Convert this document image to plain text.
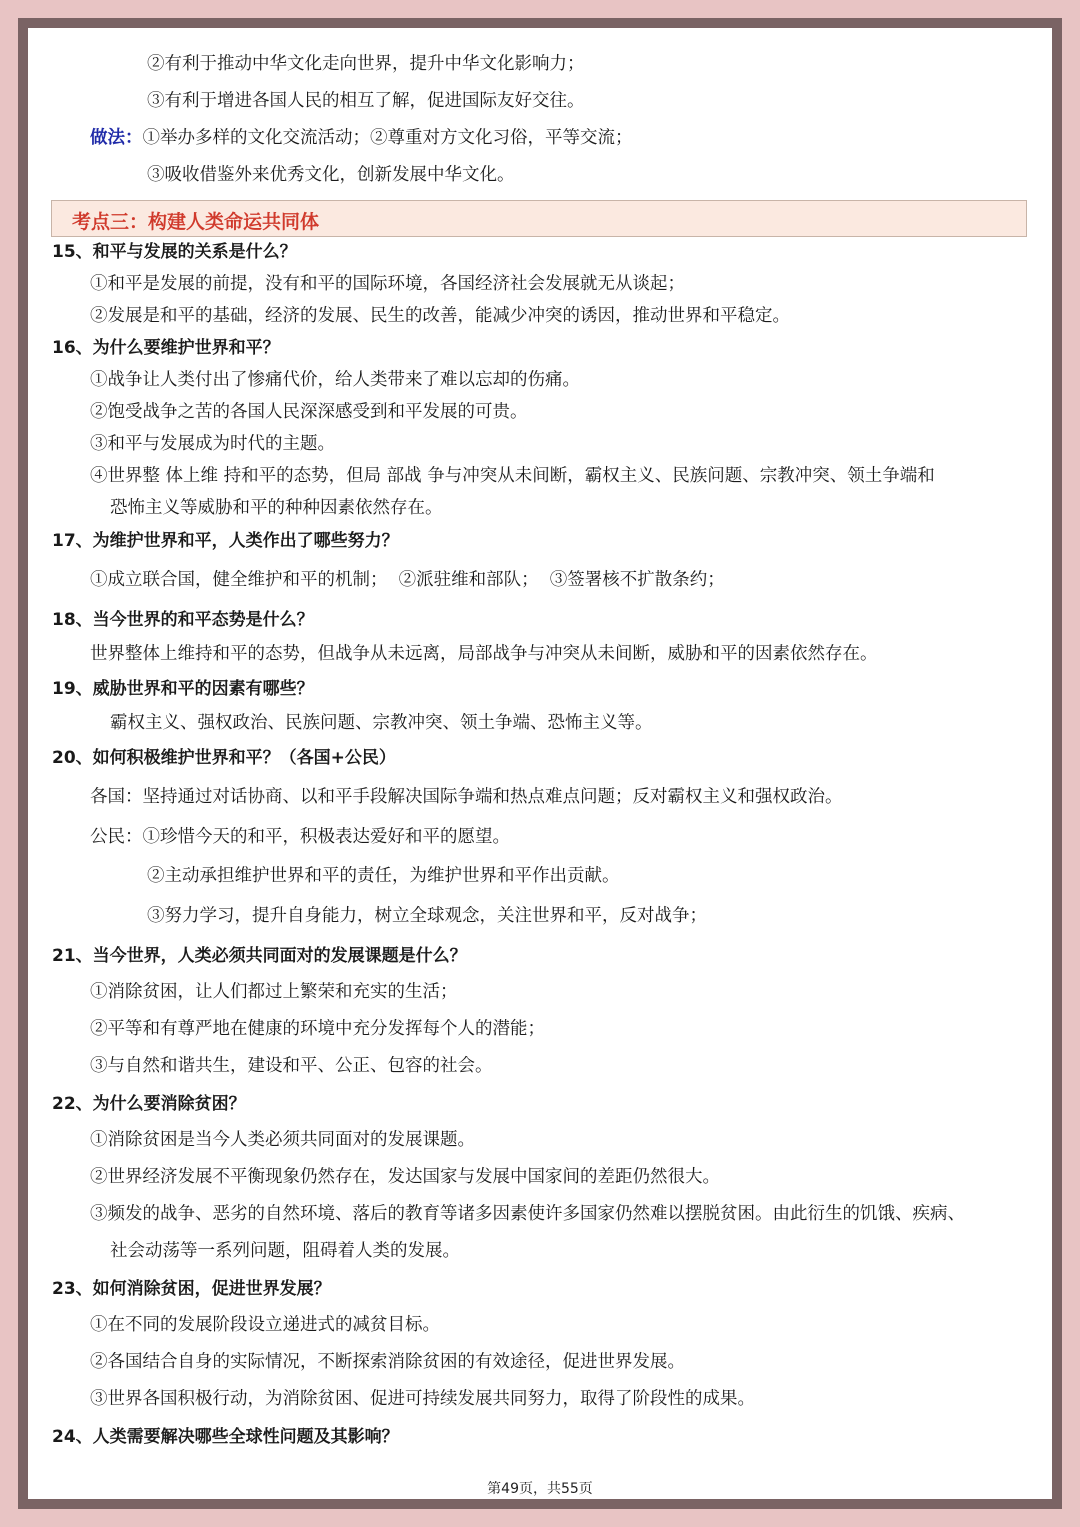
②有利于推动中华文化走向世界，提升中华文化影响力；
③有利于增进各国人民的相互了解，促进国际友好交往。
做法：①举办多样的文化交流活动；②尊重对方文化习俗，平等交流；
③吸收借鉴外来优秀文化，创新发展中华文化。
考点三：构建人类命运共同体
15、和平与发展的关系是什么？
①和平是发展的前提，没有和平的国际环境，各国经济社会发展就无从谈起；
②发展是和平的基础，经济的发展、民生的改善，能减少冲突的诱因，推动世界和平稳定。
16、为什么要维护世界和平？
①战争让人类付出了惨痛代价，给人类带来了难以忘却的伤痛。
②饱受战争之苦的各国人民深深感受到和平发展的可贵。
③和平与发展成为时代的主题。
④世界整 体上维 持和平的态势，但局 部战 争与冲突从未间断，霸权主义、民族问题、宗教冲突、领土争端和
恐怖主义等威胁和平的种种因素依然存在。
17、为维护世界和平，人类作出了哪些努力？
①成立联合国，健全维护和平的机制；  ②派驻维和部队；  ③签署核不扩散条约；
18、当今世界的和平态势是什么？
世界整体上维持和平的态势，但战争从未远离，局部战争与冲突从未间断，威胁和平的因素依然存在。
19、威胁世界和平的因素有哪些？
霸权主义、强权政治、民族问题、宗教冲突、领土争端、恐怖主义等。
20、如何积极维护世界和平？（各国+公民）
各国：坚持通过对话协商、以和平手段解决国际争端和热点难点问题；反对霸权主义和强权政治。
公民：①珍惜今天的和平，积极表达爱好和平的愿望。
②主动承担维护世界和平的责任，为维护世界和平作出贡献。
③努力学习，提升自身能力，树立全球观念，关注世界和平，反对战争；
21、当今世界，人类必须共同面对的发展课题是什么？
①消除贫困，让人们都过上繁荣和充实的生活；
②平等和有尊严地在健康的环境中充分发挥每个人的潜能；
③与自然和谐共生，建设和平、公正、包容的社会。
22、为什么要消除贫困？
①消除贫困是当今人类必须共同面对的发展课题。
②世界经济发展不平衡现象仍然存在，发达国家与发展中国家间的差距仍然很大。
③频发的战争、恶劣的自然环境、落后的教育等诸多因素使许多国家仍然难以摆脱贫困。由此衍生的饥饿、疾病、
社会动荡等一系列问题，阻碍着人类的发展。
23、如何消除贫困，促进世界发展？
①在不同的发展阶段设立递进式的减贫目标。
②各国结合自身的实际情况，不断探索消除贫困的有效途径，促进世界发展。
③世界各国积极行动，为消除贫困、促进可持续发展共同努力，取得了阶段性的成果。
24、人类需要解决哪些全球性问题及其影响？
第49页，共55页
